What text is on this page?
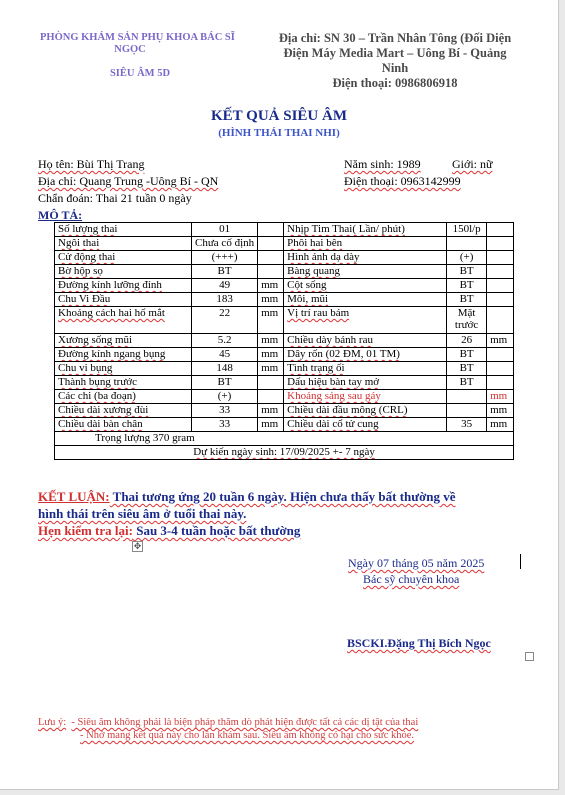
PHÒNG KHÁM SẢN PHỤ KHOA BÁC SĨ
NGỌC
SIÊU ÂM 5D
Địa chỉ: SN 30 – Trần Nhân Tông (Đối Diện
Điện Máy Media Mart – Uông Bí - Quảng
Ninh
Điện thoại: 0986806918
KẾT QUẢ SIÊU ÂM
(HÌNH THÁI THAI NHI)
Họ tên: Bùi Thị Trang	Năm sinh: 1989	Giới: nữ
Địa chỉ: Quang Trung -Uông Bí - QN	Điện thoại: 0963142999
Chẩn đoán: Thai 21 tuần 0 ngày
MÔ TẢ:
Số lượng thai	01		Nhịp Tim Thai( Lần/ phút)	150l/p	
Ngôi thai	Chưa cố định		Phôi hai bên		
Cử động thai	(+++)		Hình ảnh dạ dày	(+)	
Bờ hộp sọ	BT		Bàng quang	BT	
Đường kính lưỡng đỉnh	49	mm	Cột sống	BT	
Chu Vi Đầu	183	mm	Môi, mũi	BT	
Khoảng cách hai hố mắt	22	mm	Vị trí rau bám	Mặt trước	
Xương sống mũi	5.2	mm	Chiều dày bánh rau	26	mm
Đường kính ngang bụng	45	mm	Dây rốn (02 ĐM, 01 TM)	BT	
Chu vi bụng	148	mm	Tình trạng ối	BT	
Thành bụng trước	BT		Dấu hiệu bàn tay mở	BT	
Các chi (ba đoạn)	(+)		Khoảng sáng sau gáy		mm
Chiều dài xương đùi	33	mm	Chiều dài đầu mông (CRL)		mm
Chiều dài bàn chân	33	mm	Chiều dài cổ tử cung	35	mm
Trọng lượng 370 gram					
Dự kiến ngày sinh: 17/09/2025 +- 7 ngày					
KẾT LUẬN: Thai tương ứng 20 tuần 6 ngày. Hiện chưa thấy bất thường về
hình thái trên siêu âm ở tuổi thai này.
Hẹn kiểm tra lại: Sau 3-4 tuần hoặc bất thường
✥
Ngày 07 tháng 05 năm 2025
Bác sỹ chuyên khoa
BSCKI.Đặng Thị Bích Ngọc
Lưu ý: - Siêu âm không phải là biện pháp thăm dò phát hiện được tất cả các dị tật của thai
- Nhớ mang kết quả này cho lần khám sau. Siêu âm không có hại cho sức khỏe.
